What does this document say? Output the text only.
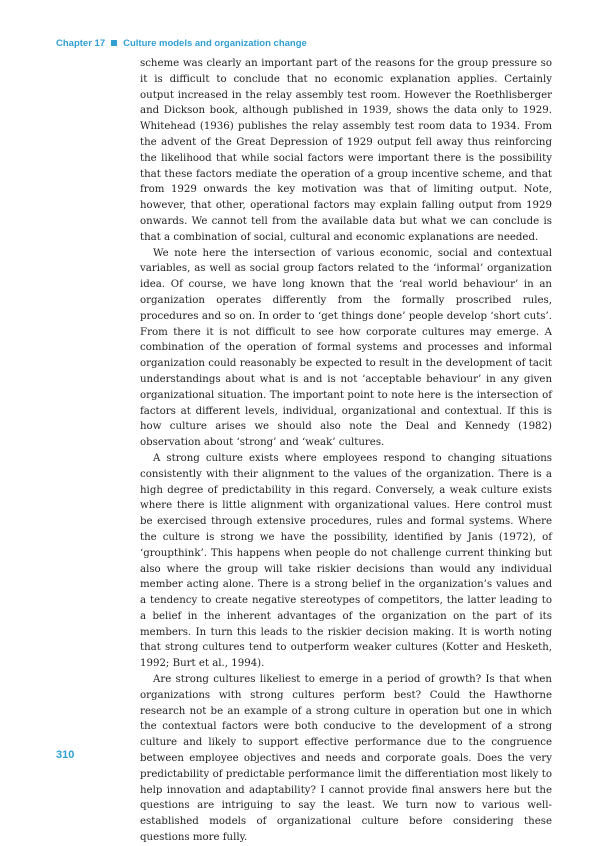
Chapter 17 Culture models and organization change

scheme was clearly an important part of the reasons for the group pressure so it is difficult to conclude that no economic explanation applies. Certainly output increased in the relay assembly test room. However the Roethlisberger and Dickson book, although published in 1939, shows the data only to 1929. Whitehead (1936) publishes the relay assembly test room data to 1934. From the advent of the Great Depression of 1929 output fell away thus reinforcing the likelihood that while social factors were important there is the possibility that these factors mediate the operation of a group incentive scheme, and that from 1929 onwards the key motivation was that of limiting output. Note, however, that other, operational factors may explain falling output from 1929 onwards. We cannot tell from the available data but what we can conclude is that a combination of social, cultural and economic explanations are needed.

We note here the intersection of various economic, social and contextual variables, as well as social group factors related to the ‘informal’ organization idea. Of course, we have long known that the ‘real world behaviour’ in an organization operates differently from the formally proscribed rules, procedures and so on. In order to ‘get things done’ people develop ‘short cuts’. From there it is not difficult to see how corporate cultures may emerge. A combination of the operation of formal systems and processes and informal organization could reasonably be expected to result in the development of tacit understandings about what is and is not ‘acceptable behaviour’ in any given organizational situation. The important point to note here is the intersection of factors at different levels, individual, organizational and contextual. If this is how culture arises we should also note the Deal and Kennedy (1982) observation about ‘strong’ and ‘weak’ cultures.

A strong culture exists where employees respond to changing situations consistently with their alignment to the values of the organization. There is a high degree of predictability in this regard. Conversely, a weak culture exists where there is little alignment with organizational values. Here control must be exercised through extensive procedures, rules and formal systems. Where the culture is strong we have the possibility, identified by Janis (1972), of ‘groupthink’. This happens when people do not challenge current thinking but also where the group will take riskier decisions than would any individual member acting alone. There is a strong belief in the organization’s values and a tendency to create negative stereotypes of competitors, the latter leading to a belief in the inherent advantages of the organization on the part of its members. In turn this leads to the riskier decision making. It is worth noting that strong cultures tend to outperform weaker cultures (Kotter and Hesketh, 1992; Burt et al., 1994).

Are strong cultures likeliest to emerge in a period of growth? Is that when organizations with strong cultures perform best? Could the Hawthorne research not be an example of a strong culture in operation but one in which the contextual factors were both conducive to the development of a strong culture and likely to support effective performance due to the congruence between employee objectives and needs and corporate goals. Does the very predictability of predictable performance limit the differentiation most likely to help innovation and adaptability? I cannot provide final answers here but the questions are intriguing to say the least. We turn now to various well-established models of organizational culture before considering these questions more fully.

310
